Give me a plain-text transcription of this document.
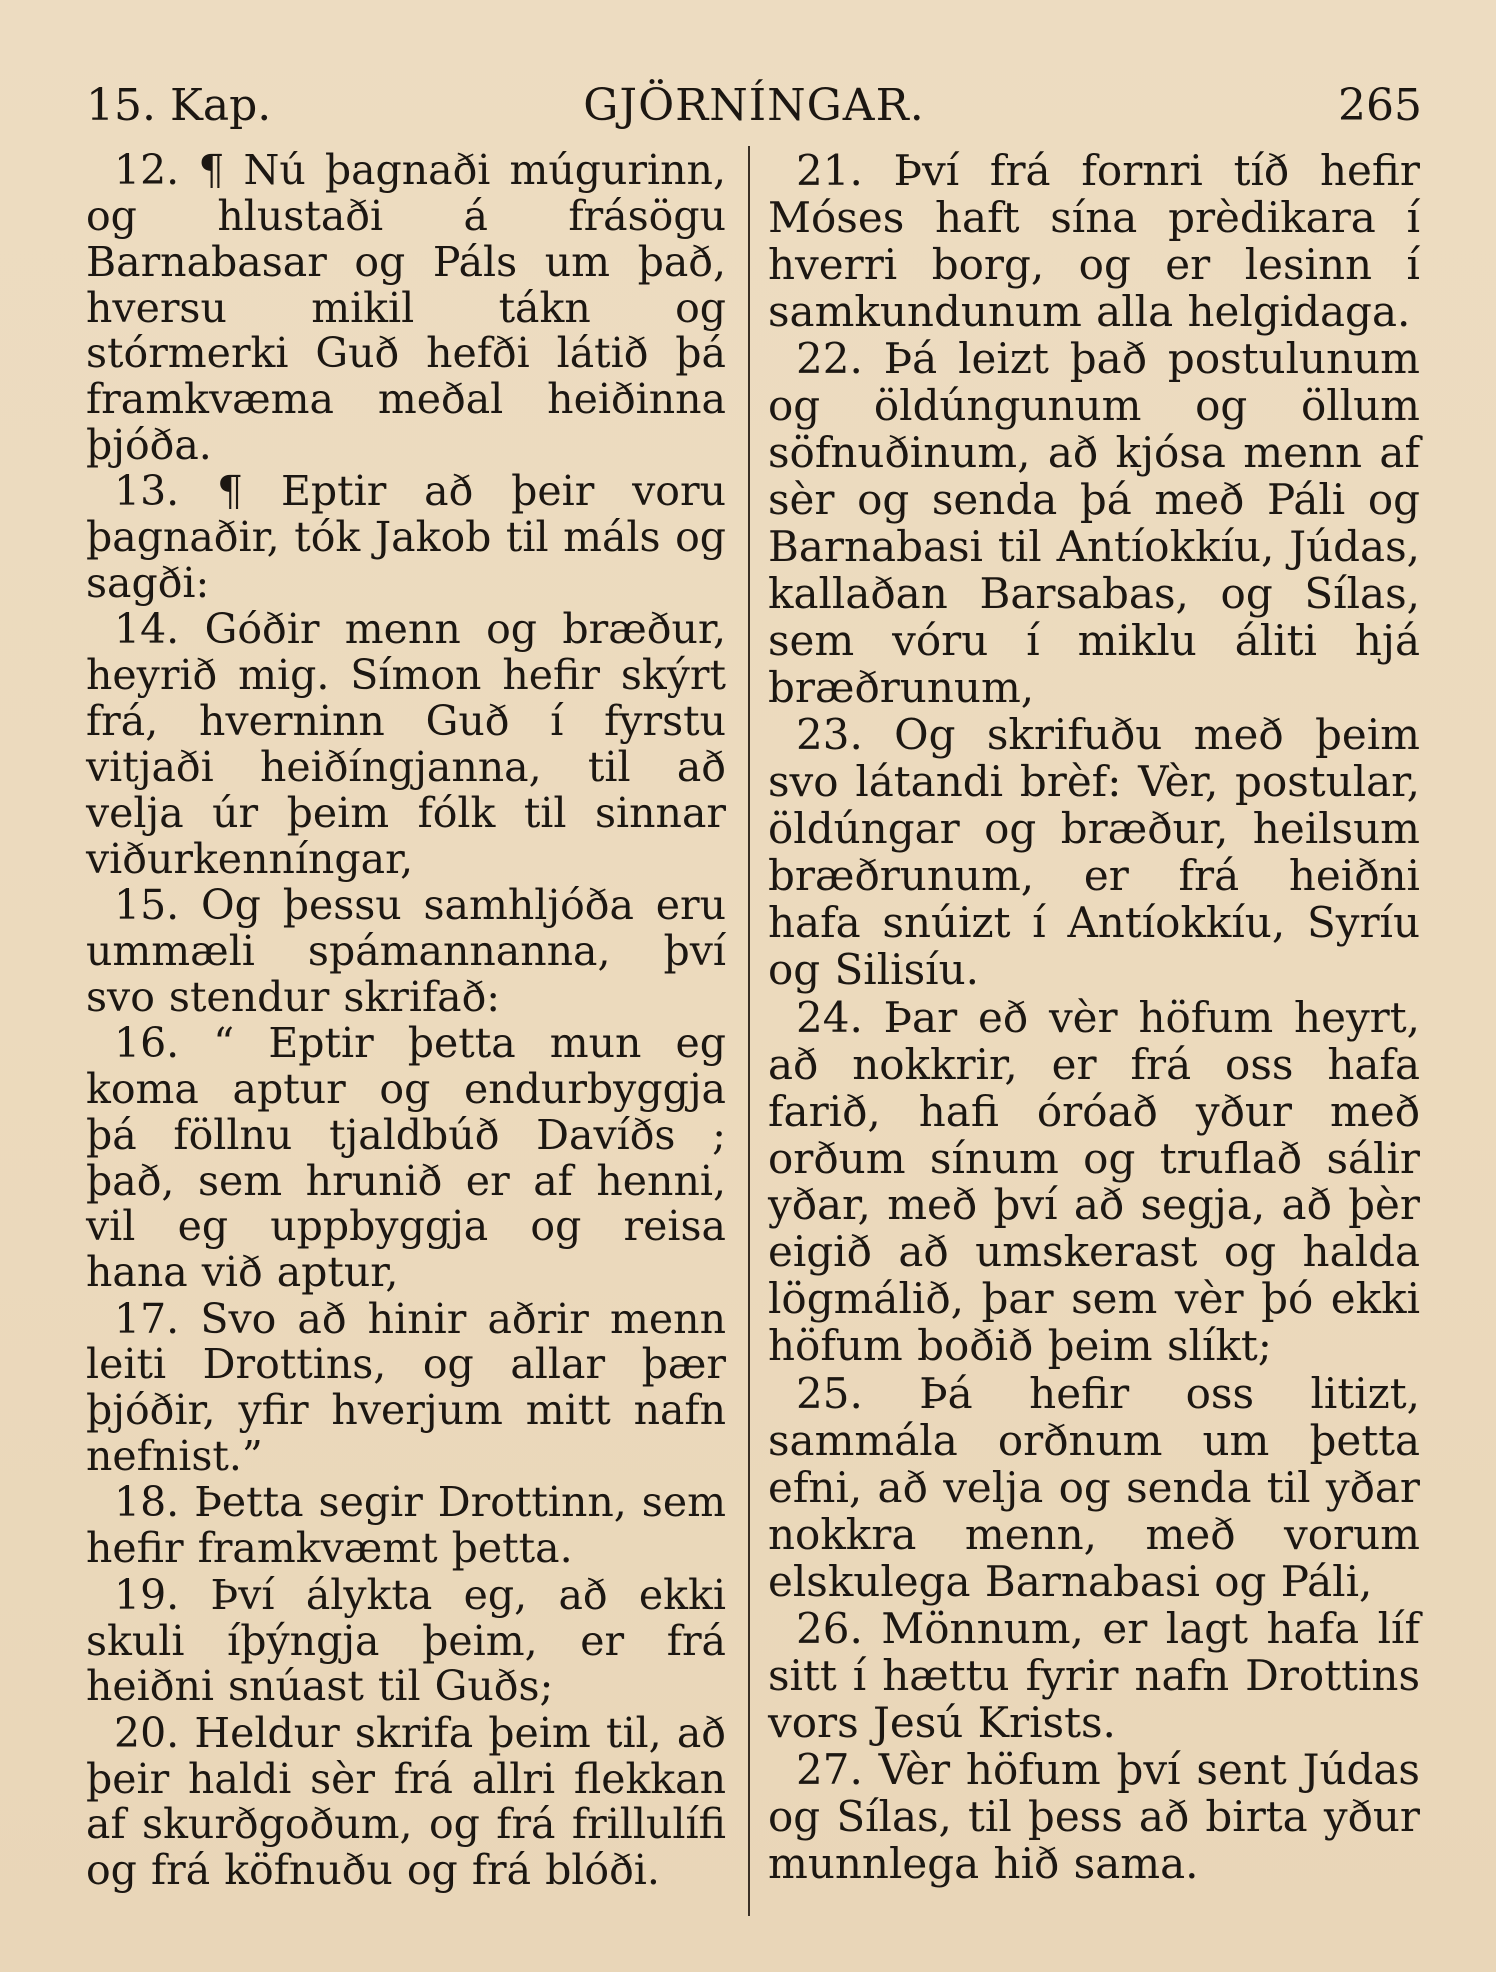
15. Kap.	GJÖRNÍNGAR.	265

12. ¶ Nú þagnaði múgurinn, og hlustaði á frásögu Barnabasar og Páls um það, hversu mikil tákn og stórmerki Guð hefði látið þá framkvæma meðal heiðinna þjóða.

13. ¶ Eptir að þeir voru þagnaðir, tók Jakob til máls og sagði:

14. Góðir menn og bræður, heyrið mig. Símon hefir skýrt frá, hverninn Guð í fyrstu vitjaði heiðíngjanna, til að velja úr þeim fólk til sinnar viðurkenníngar,

15. Og þessu samhljóða eru ummæli spámannanna, því svo stendur skrifað:

16. “ Eptir þetta mun eg koma aptur og endurbyggja þá föllnu tjaldbúð Davíðs ; það, sem hrunið er af henni, vil eg uppbyggja og reisa hana við aptur,

17. Svo að hinir aðrir menn leiti Drottins, og allar þær þjóðir, yfir hverjum mitt nafn nefnist.”

18. Þetta segir Drottinn, sem hefir framkvæmt þetta.

19. Því álykta eg, að ekki skuli íþýngja þeim, er frá heiðni snúast til Guðs;

20. Heldur skrifa þeim til, að þeir haldi sèr frá allri flekkan af skurðgoðum, og frá frillulífi og frá köfnuðu og frá blóði.

21. Því frá fornri tíð hefir Móses haft sína prèdikara í hverri borg, og er lesinn í samkundunum alla helgidaga.

22. Þá leizt það postulunum og öldúngunum og öllum söfnuðinum, að kjósa menn af sèr og senda þá með Páli og Barnabasi til Antíokkíu, Júdas, kallaðan Barsabas, og Sílas, sem vóru í miklu áliti hjá bræðrunum,

23. Og skrifuðu með þeim svo látandi brèf: Vèr, postular, öldúngar og bræður, heilsum bræðrunum, er frá heiðni hafa snúizt í Antíokkíu, Syríu og Silisíu.

24. Þar eð vèr höfum heyrt, að nokkrir, er frá oss hafa farið, hafi óróað yður með orðum sínum og truflað sálir yðar, með því að segja, að þèr eigið að umskerast og halda lögmálið, þar sem vèr þó ekki höfum boðið þeim slíkt;

25. Þá hefir oss litizt, sammála orðnum um þetta efni, að velja og senda til yðar nokkra menn, með vorum elskulega Barnabasi og Páli,

26. Mönnum, er lagt hafa líf sitt í hættu fyrir nafn Drottins vors Jesú Krists.

27. Vèr höfum því sent Júdas og Sílas, til þess að birta yður munnlega hið sama.
